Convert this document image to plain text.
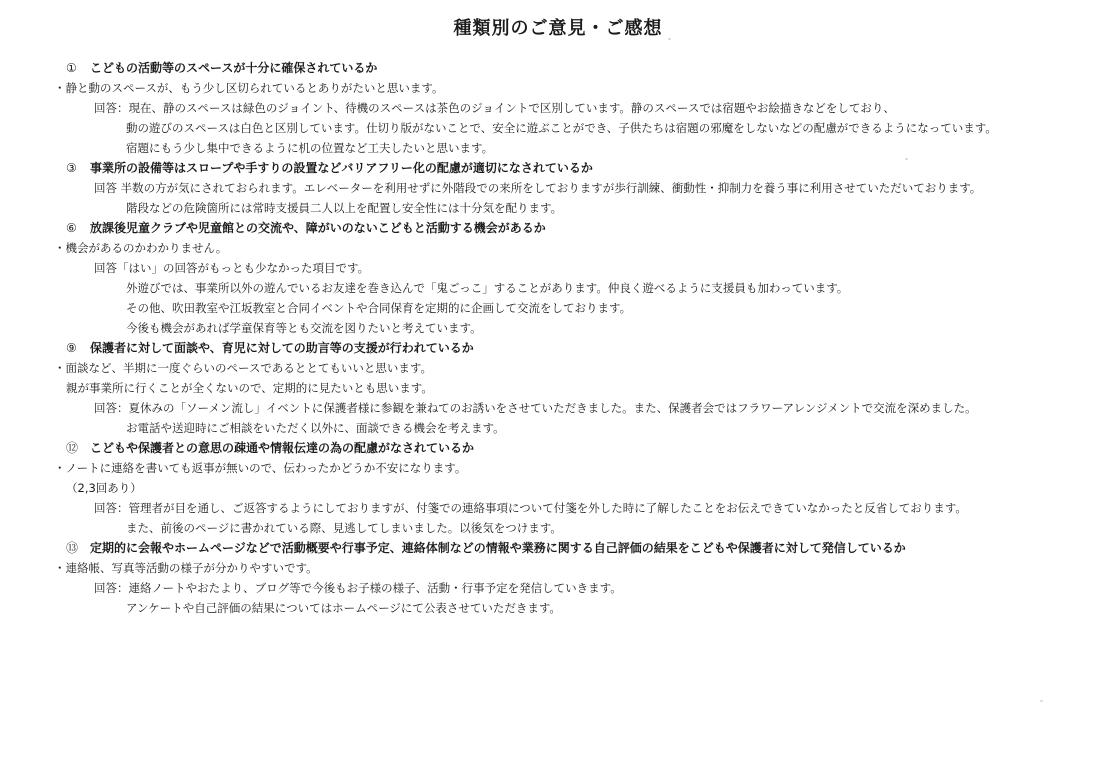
種類別のご意見・ご感想
① こどもの活動等のスペースが十分に確保されているか
・静と動のスペースが、もう少し区切られているとありがたいと思います。
回答：現在、静のスペースは緑色のジョイント、待機のスペースは茶色のジョイントで区別しています。静のスペースでは宿題やお絵描きなどをしており、
動の遊びのスペースは白色と区別しています。仕切り版がないことで、安全に遊ぶことができ、子供たちは宿題の邪魔をしないなどの配慮ができるようになっています。
宿題にもう少し集中できるように机の位置など工夫したいと思います。
③ 事業所の設備等はスロープや手すりの設置などバリアフリー化の配慮が適切になされているか
回答 半数の方が気にされておられます。エレベーターを利用せずに外階段での来所をしておりますが歩行訓練、衝動性・抑制力を養う事に利用させていただいております。
階段などの危険箇所には常時支援員二人以上を配置し安全性には十分気を配ります。
⑥ 放課後児童クラブや児童館との交流や、障がいのないこどもと活動する機会があるか
・機会があるのかわかりません。
回答「はい」の回答がもっとも少なかった項目です。
外遊びでは、事業所以外の遊んでいるお友達を巻き込んで「鬼ごっこ」することがあります。仲良く遊べるように支援員も加わっています。
その他、吹田教室や江坂教室と合同イベントや合同保育を定期的に企画して交流をしております。
今後も機会があれば学童保育等とも交流を図りたいと考えています。
⑨ 保護者に対して面談や、育児に対しての助言等の支援が行われているか
・面談など、半期に一度ぐらいのペースであるととてもいいと思います。
親が事業所に行くことが全くないので、定期的に見たいとも思います。
回答：夏休みの「ソーメン流し」イベントに保護者様に参観を兼ねてのお誘いをさせていただきました。また、保護者会ではフラワーアレンジメントで交流を深めました。
お電話や送迎時にご相談をいただく以外に、面談できる機会を考えます。
⑫ こどもや保護者との意思の疎通や情報伝達の為の配慮がなされているか
・ノートに連絡を書いても返事が無いので、伝わったかどうか不安になります。
（2,3回あり）
回答：管理者が目を通し、ご返答するようにしておりますが、付箋での連絡事項について付箋を外した時に了解したことをお伝えできていなかったと反省しております。
また、前後のページに書かれている際、見逃してしまいました。以後気をつけます。
⑬ 定期的に会報やホームページなどで活動概要や行事予定、連絡体制などの情報や業務に関する自己評価の結果をこどもや保護者に対して発信しているか
・連絡帳、写真等活動の様子が分かりやすいです。
回答：連絡ノートやおたより、ブログ等で今後もお子様の様子、活動・行事予定を発信していきます。
アンケートや自己評価の結果についてはホームページにて公表させていただきます。
